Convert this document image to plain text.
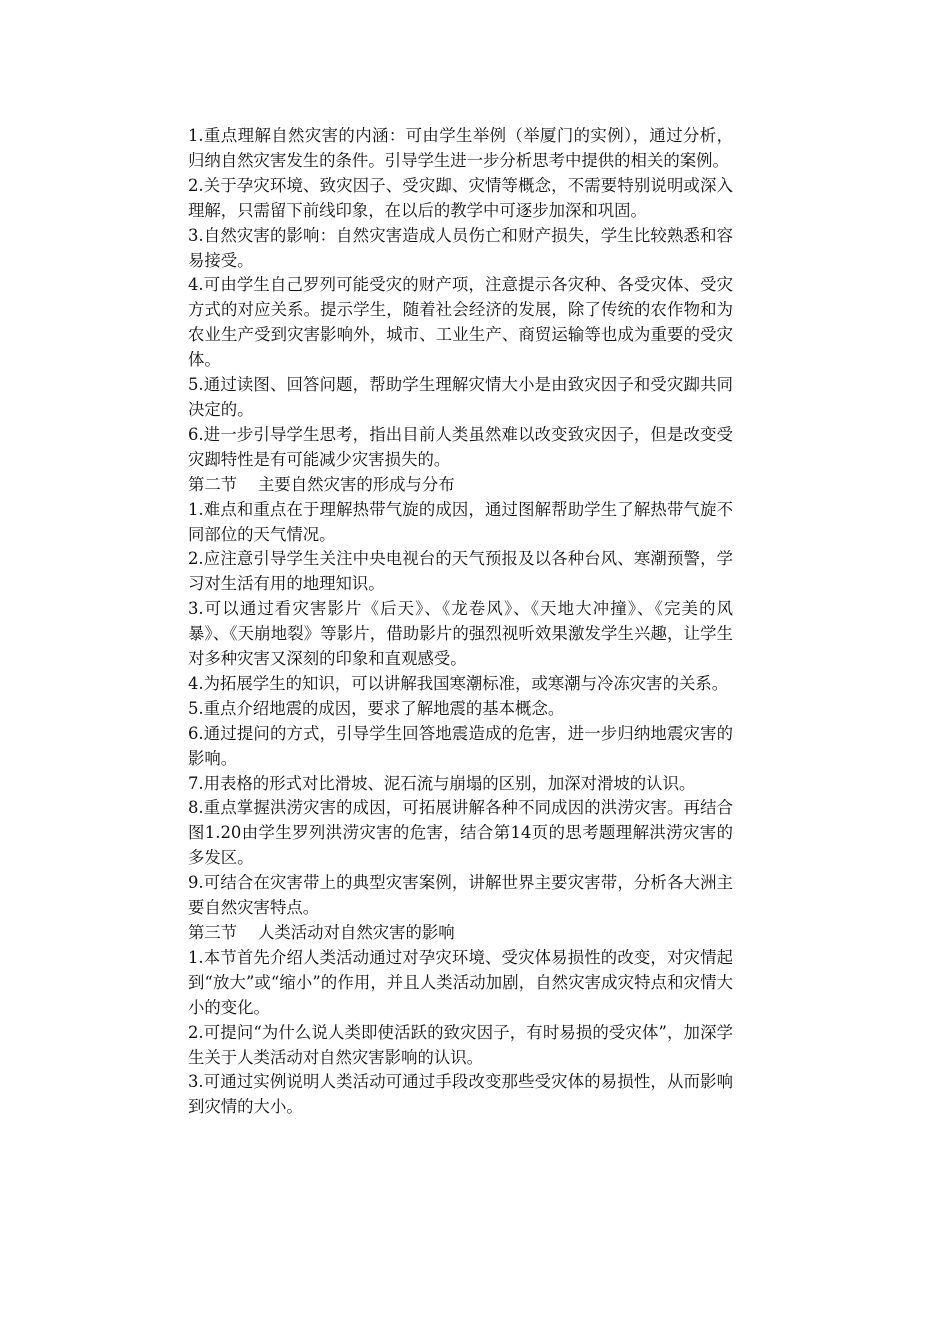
1.重点理解自然灾害的内涵：可由学生举例（举厦门的实例），通过分析，归纳自然灾害发生的条件。引导学生进一步分析思考中提供的相关的案例。

2.关于孕灾环境、致灾因子、受灾踋、灾情等概念，不需要特别说明或深入理解，只需留下前线印象，在以后的教学中可逐步加深和巩固。

3.自然灾害的影响：自然灾害造成人员伤亡和财产损失，学生比较熟悉和容易接受。

4.可由学生自己罗列可能受灾的财产项，注意提示各灾种、各受灾体、受灾方式的对应关系。提示学生，随着社会经济的发展，除了传统的农作物和为农业生产受到灾害影响外，城市、工业生产、商贸运输等也成为重要的受灾体。

5.通过读图、回答问题，帮助学生理解灾情大小是由致灾因子和受灾踋共同决定的。

6.进一步引导学生思考，指出目前人类虽然难以改变致灾因子，但是改变受灾踋特性是有可能减少灾害损失的。

第二节    主要自然灾害的形成与分布

1.难点和重点在于理解热带气旋的成因，通过图解帮助学生了解热带气旋不同部位的天气情况。

2.应注意引导学生关注中央电视台的天气预报及以各种台风、寒潮预警，学习对生活有用的地理知识。

3.可以通过看灾害影片《后天》、《龙卷风》、《天地大冲撞》、《完美的风暴》、《天崩地裂》等影片，借助影片的强烈视听效果激发学生兴趣，让学生对多种灾害又深刻的印象和直观感受。

4.为拓展学生的知识，可以讲解我国寒潮标准，或寒潮与冷冻灾害的关系。

5.重点介绍地震的成因，要求了解地震的基本概念。

6.通过提问的方式，引导学生回答地震造成的危害，进一步归纳地震灾害的影响。

7.用表格的形式对比滑坡、泥石流与崩塌的区别，加深对滑坡的认识。

8.重点掌握洪涝灾害的成因，可拓展讲解各种不同成因的洪涝灾害。再结合图1.20由学生罗列洪涝灾害的危害，结合第14页的思考题理解洪涝灾害的多发区。

9.可结合在灾害带上的典型灾害案例，讲解世界主要灾害带，分析各大洲主要自然灾害特点。

第三节    人类活动对自然灾害的影响

1.本节首先介绍人类活动通过对孕灾环境、受灾体易损性的改变，对灾情起到“放大”或“缩小”的作用，并且人类活动加剧，自然灾害成灾特点和灾情大小的变化。

2.可提问“为什么说人类即使活跃的致灾因子，有时易损的受灾体”，加深学生关于人类活动对自然灾害影响的认识。

3.可通过实例说明人类活动可通过手段改变那些受灾体的易损性，从而影响到灾情的大小。
